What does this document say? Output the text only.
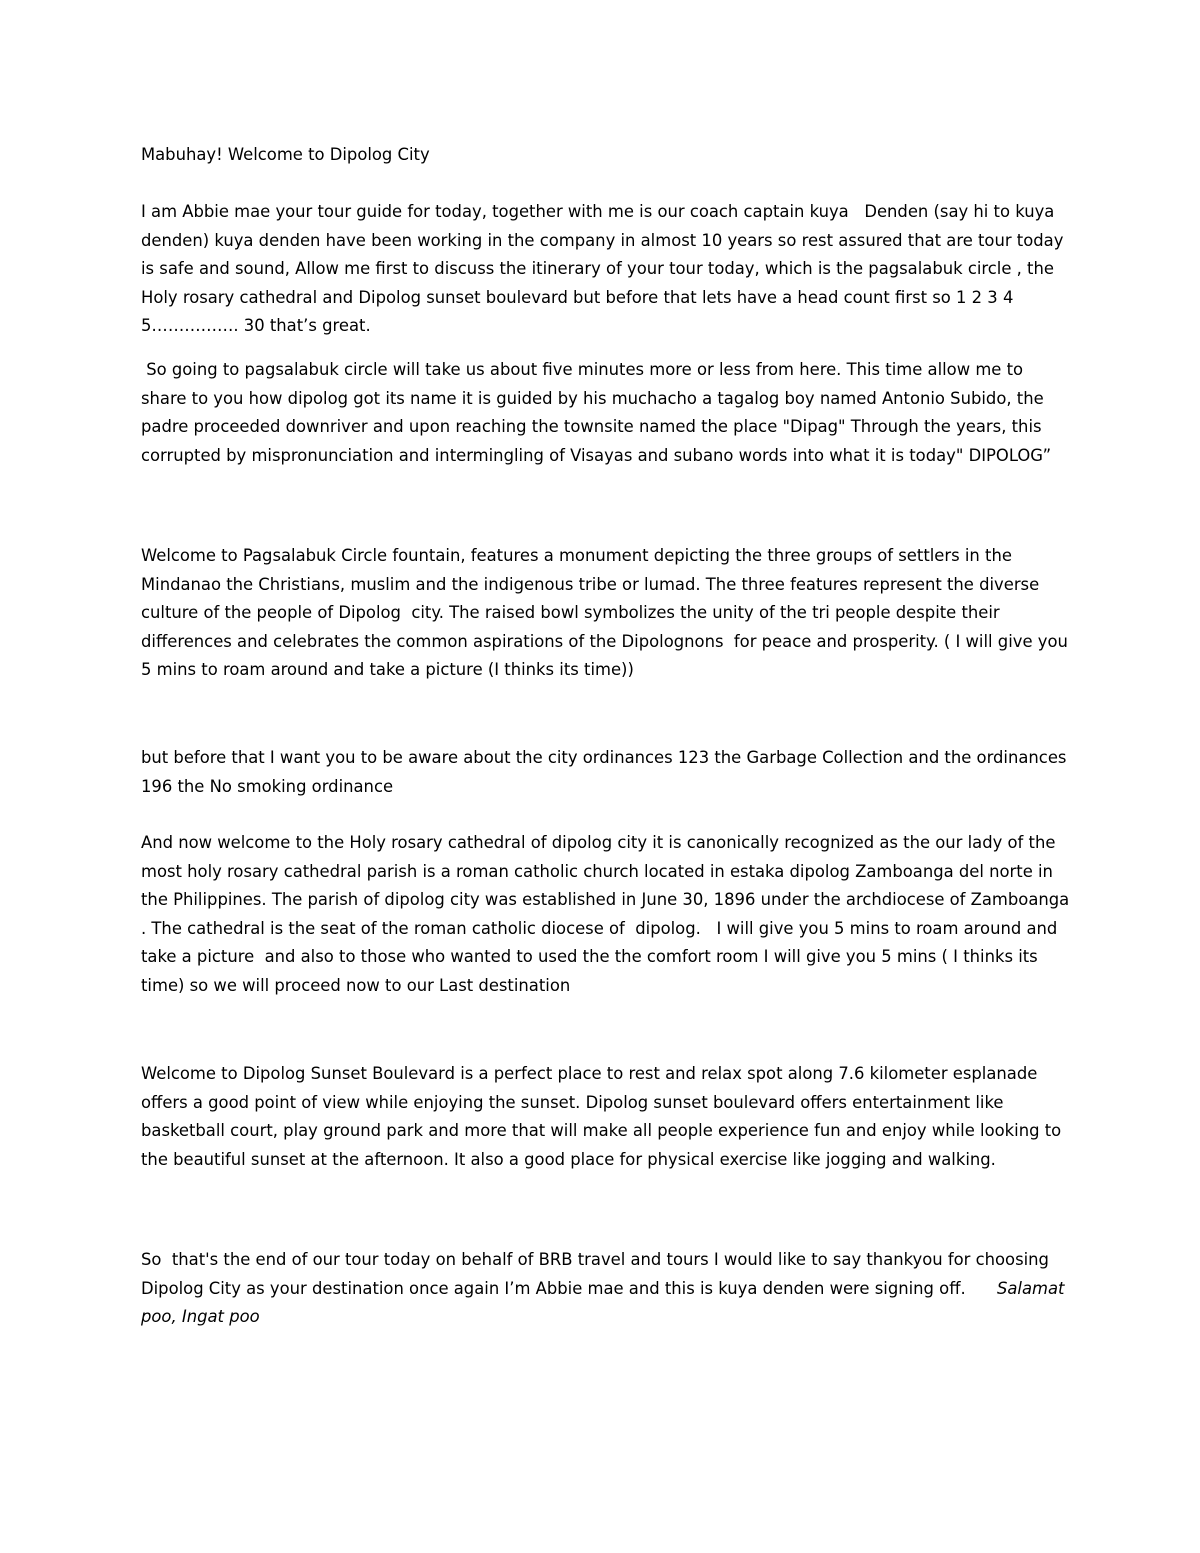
Mabuhay! Welcome to Dipolog City

I am Abbie mae your tour guide for today, together with me is our coach captain kuya   Denden (say hi to kuya denden) kuya denden have been working in the company in almost 10 years so rest assured that are tour today is safe and sound, Allow me first to discuss the itinerary of your tour today, which is the pagsalabuk circle , the Holy rosary cathedral and Dipolog sunset boulevard but before that lets have a head count first so 1 2 3 4 5……………. 30 that’s great.

So going to pagsalabuk circle will take us about five minutes more or less from here. This time allow me to share to you how dipolog got its name it is guided by his muchacho a tagalog boy named Antonio Subido, the padre proceeded downriver and upon reaching the townsite named the place "Dipag" Through the years, this corrupted by mispronunciation and intermingling of Visayas and subano words into what it is today" DIPOLOG”

Welcome to Pagsalabuk Circle fountain, features a monument depicting the three groups of settlers in the Mindanao the Christians, muslim and the indigenous tribe or lumad. The three features represent the diverse culture of the people of Dipolog  city. The raised bowl symbolizes the unity of the tri people despite their differences and celebrates the common aspirations of the Dipolognons  for peace and prosperity. ( I will give you 5 mins to roam around and take a picture (I thinks its time))

but before that I want you to be aware about the city ordinances 123 the Garbage Collection and the ordinances 196 the No smoking ordinance

And now welcome to the Holy rosary cathedral of dipolog city it is canonically recognized as the our lady of the most holy rosary cathedral parish is a roman catholic church located in estaka dipolog Zamboanga del norte in the Philippines. The parish of dipolog city was established in June 30, 1896 under the archdiocese of Zamboanga . The cathedral is the seat of the roman catholic diocese of  dipolog.   I will give you 5 mins to roam around and take a picture  and also to those who wanted to used the the comfort room I will give you 5 mins ( I thinks its time) so we will proceed now to our Last destination

Welcome to Dipolog Sunset Boulevard is a perfect place to rest and relax spot along 7.6 kilometer esplanade offers a good point of view while enjoying the sunset. Dipolog sunset boulevard offers entertainment like basketball court, play ground park and more that will make all people experience fun and enjoy while looking to the beautiful sunset at the afternoon. It also a good place for physical exercise like jogging and walking.

So  that's the end of our tour today on behalf of BRB travel and tours I would like to say thankyou for choosing Dipolog City as your destination once again I’m Abbie mae and this is kuya denden were signing off.      Salamat poo, Ingat poo
